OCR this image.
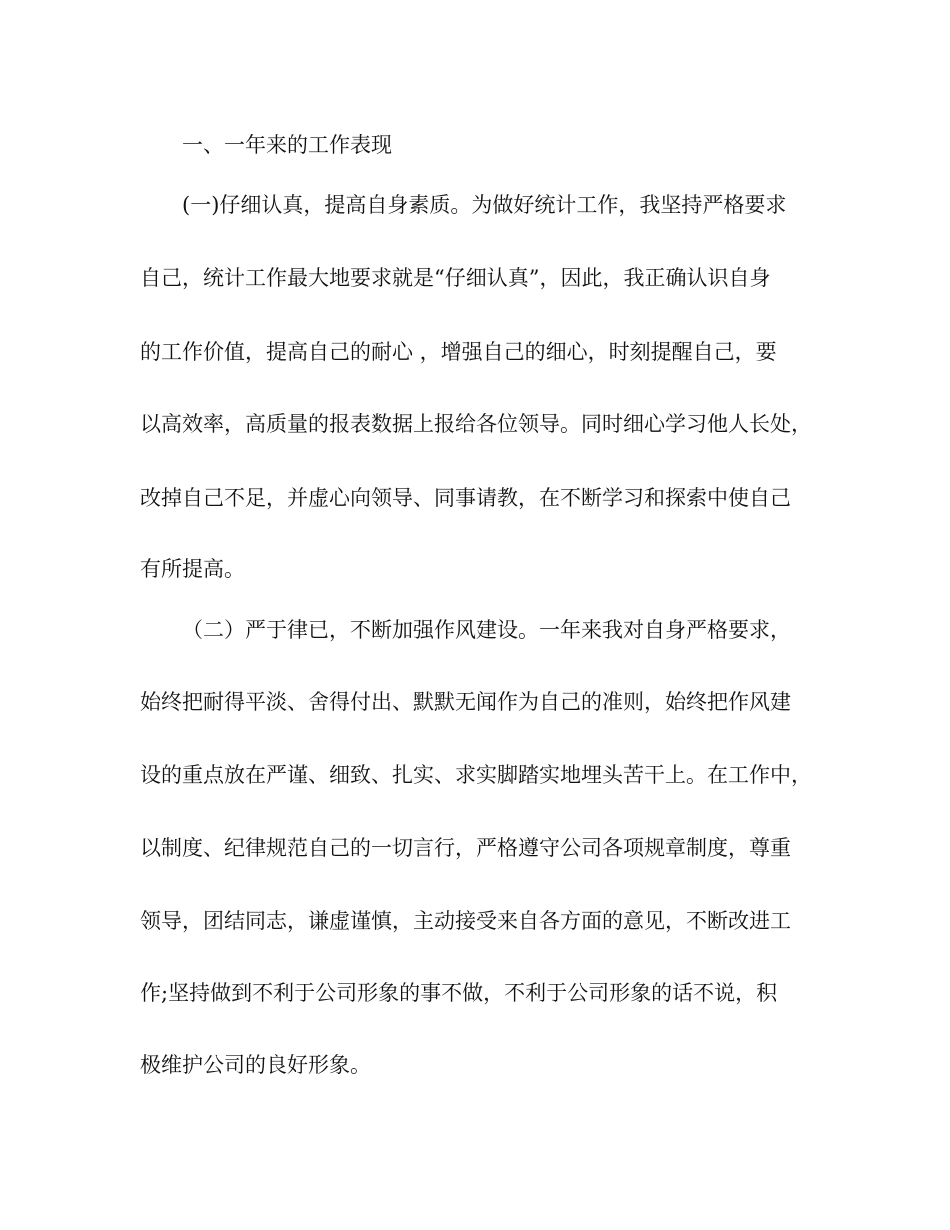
一、一年来的工作表现

(一)仔细认真，提高自身素质。为做好统计工作，我坚持严格要求

自己，统计工作最大地要求就是“仔细认真”，因此，我正确认识自身

的工作价值，提高自己的耐心 ，增强自己的细心，时刻提醒自己，要

以高效率，高质量的报表数据上报给各位领导。同时细心学习他人长处，

改掉自己不足，并虚心向领导、同事请教，在不断学习和探索中使自己

有所提高。

（二）严于律已，不断加强作风建设。一年来我对自身严格要求，

始终把耐得平淡、舍得付出、默默无闻作为自己的准则，始终把作风建

设的重点放在严谨、细致、扎实、求实脚踏实地埋头苦干上。在工作中，

以制度、纪律规范自己的一切言行，严格遵守公司各项规章制度，尊重

领导，团结同志，谦虚谨慎，主动接受来自各方面的意见，不断改进工

作;坚持做到不利于公司形象的事不做，不利于公司形象的话不说，积

极维护公司的良好形象。
